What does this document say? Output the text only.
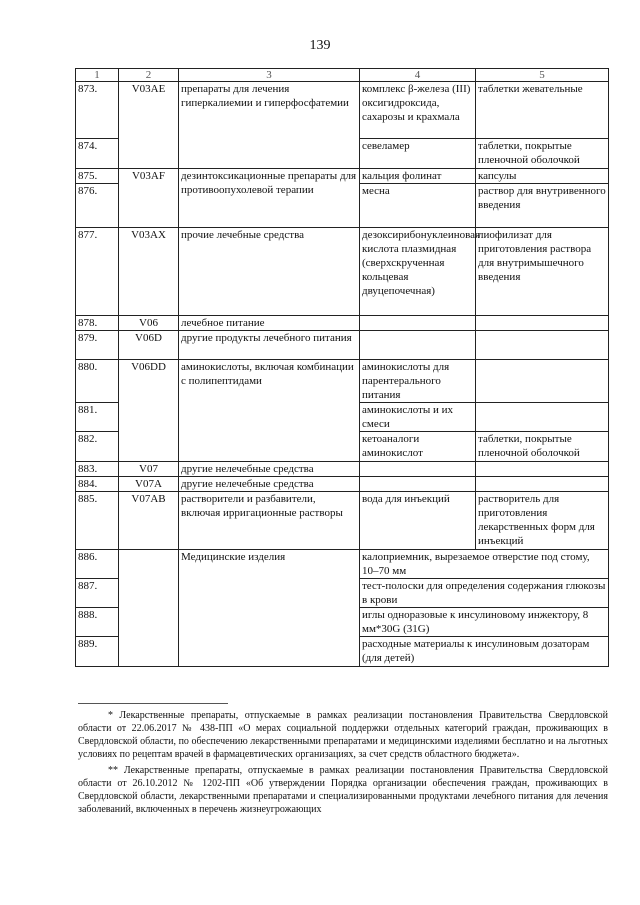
139
1	2	3	4	5
873.	V03AE	препараты для лечения гиперкалиемии и гиперфосфатемии	комплекс β-железа (III) оксигидроксида, сахарозы и крахмала	таблетки жевательные
874.			севеламер	таблетки, покрытые пленочной оболочкой
875.	V03AF	дезинтоксикационные препараты для противоопухолевой терапии	кальция фолинат	капсулы
876.			месна	раствор для внутривенного введения
877.	V03AX	прочие лечебные средства	дезоксирибонуклеиновая кислота плазмидная (сверхскрученная кольцевая двуцепочечная)	лиофилизат для приготовления раствора для внутримышечного введения
878.	V06	лечебное питание		
879.	V06D	другие продукты лечебного питания		
880.	V06DD	аминокислоты, включая комбинации с полипептидами	аминокислоты для парентерального питания	
881.			аминокислоты и их смеси	
882.			кетоаналоги аминокислот	таблетки, покрытые пленочной оболочкой
883.	V07	другие нелечебные средства		
884.	V07A	другие нелечебные средства		
885.	V07AB	растворители и разбавители, включая ирригационные растворы	вода для инъекций	растворитель для приготовления лекарственных форм для инъекций
886.		Медицинские изделия	калоприемник, вырезаемое отверстие под стому, 10–70 мм	
887.			тест-полоски для определения содержания глюкозы в крови	
888.			иглы одноразовые к инсулиновому инжектору, 8 мм*30G (31G)	
889.			расходные материалы к инсулиновым дозаторам (для детей)	

* Лекарственные препараты, отпускаемые в рамках реализации постановления Правительства Свердловской области от 22.06.2017 № 438-ПП «О мерах социальной поддержки отдельных категорий граждан, проживающих в Свердловской области, по обеспечению лекарственными препаратами и медицинскими изделиями бесплатно и на льготных условиях по рецептам врачей в фармацевтических организациях, за счет средств областного бюджета».

** Лекарственные препараты, отпускаемые в рамках реализации постановления Правительства Свердловской области от 26.10.2012 № 1202-ПП «Об утверждении Порядка организации обеспечения граждан, проживающих в Свердловской области, лекарственными препаратами и специализированными продуктами лечебного питания для лечения заболеваний, включенных в перечень жизнеугрожающих
